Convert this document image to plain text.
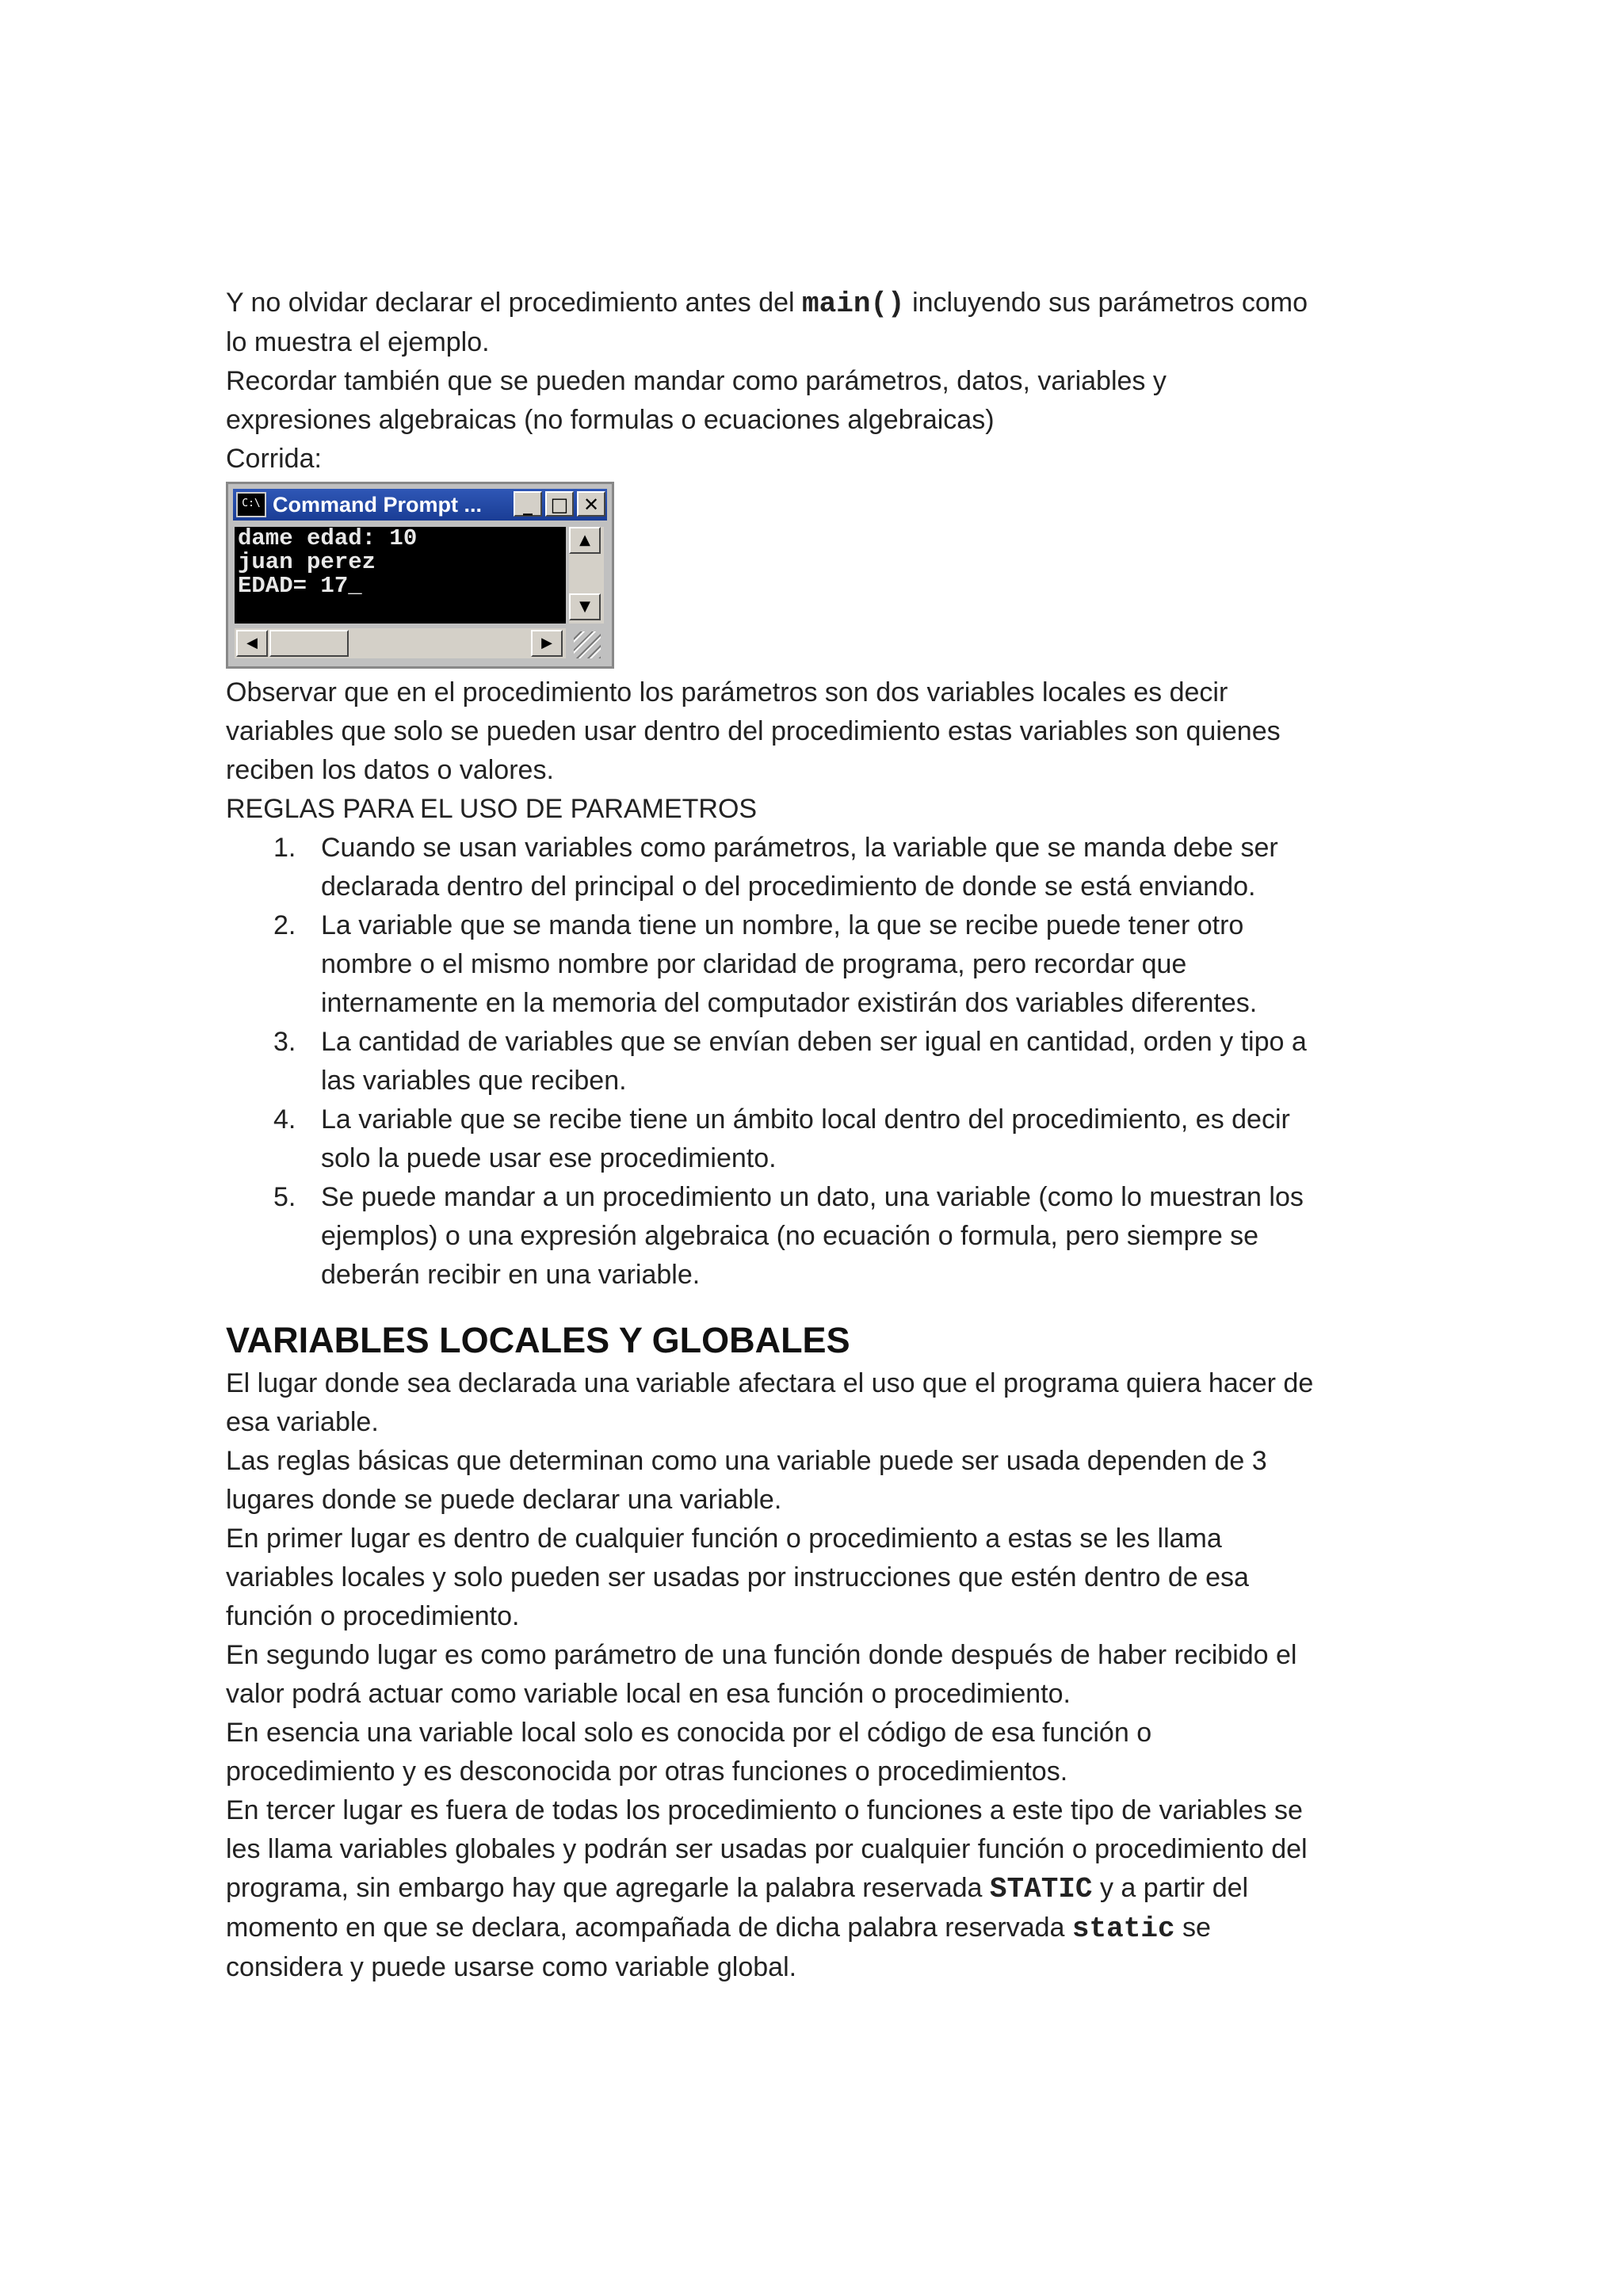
Y no olvidar declarar el procedimiento antes del main() incluyendo sus parámetros como
lo muestra el ejemplo.
Recordar también que se pueden mandar como parámetros, datos, variables y
expresiones algebraicas (no formulas o ecuaciones algebraicas)
Corrida:
C:\ Command Prompt ...	_ □ ✕
dame edad: 10
juan perez
EDAD= 17_
▲
▼
◀	▶
Observar que en el procedimiento los parámetros son dos variables locales es decir
variables que solo se pueden usar dentro del procedimiento estas variables son quienes
reciben los datos o valores.
REGLAS PARA EL USO DE PARAMETROS
1. Cuando se usan variables como parámetros, la variable que se manda debe ser
declarada dentro del principal o del procedimiento de donde se está enviando.
2. La variable que se manda tiene un nombre, la que se recibe puede tener otro
nombre o el mismo nombre por claridad de programa, pero recordar que
internamente en la memoria del computador existirán dos variables diferentes.
3. La cantidad de variables que se envían deben ser igual en cantidad, orden y tipo a
las variables que reciben.
4. La variable que se recibe tiene un ámbito local dentro del procedimiento, es decir
solo la puede usar ese procedimiento.
5. Se puede mandar a un procedimiento un dato, una variable (como lo muestran los
ejemplos) o una expresión algebraica (no ecuación o formula, pero siempre se
deberán recibir en una variable.
VARIABLES LOCALES Y GLOBALES
El lugar donde sea declarada una variable afectara el uso que el programa quiera hacer de
esa variable.
Las reglas básicas que determinan como una variable puede ser usada dependen de 3
lugares donde se puede declarar una variable.
En primer lugar es dentro de cualquier función o procedimiento a estas se les llama
variables locales y solo pueden ser usadas por instrucciones que estén dentro de esa
función o procedimiento.
En segundo lugar es como parámetro de una función donde después de haber recibido el
valor podrá actuar como variable local en esa función o procedimiento.
En esencia una variable local solo es conocida por el código de esa función o
procedimiento y es desconocida por otras funciones o procedimientos.
En tercer lugar es fuera de todas los procedimiento o funciones a este tipo de variables se
les llama variables globales y podrán ser usadas por cualquier función o procedimiento del
programa, sin embargo hay que agregarle la palabra reservada STATIC y a partir del
momento en que se declara, acompañada de dicha palabra reservada static se
considera y puede usarse como variable global.
